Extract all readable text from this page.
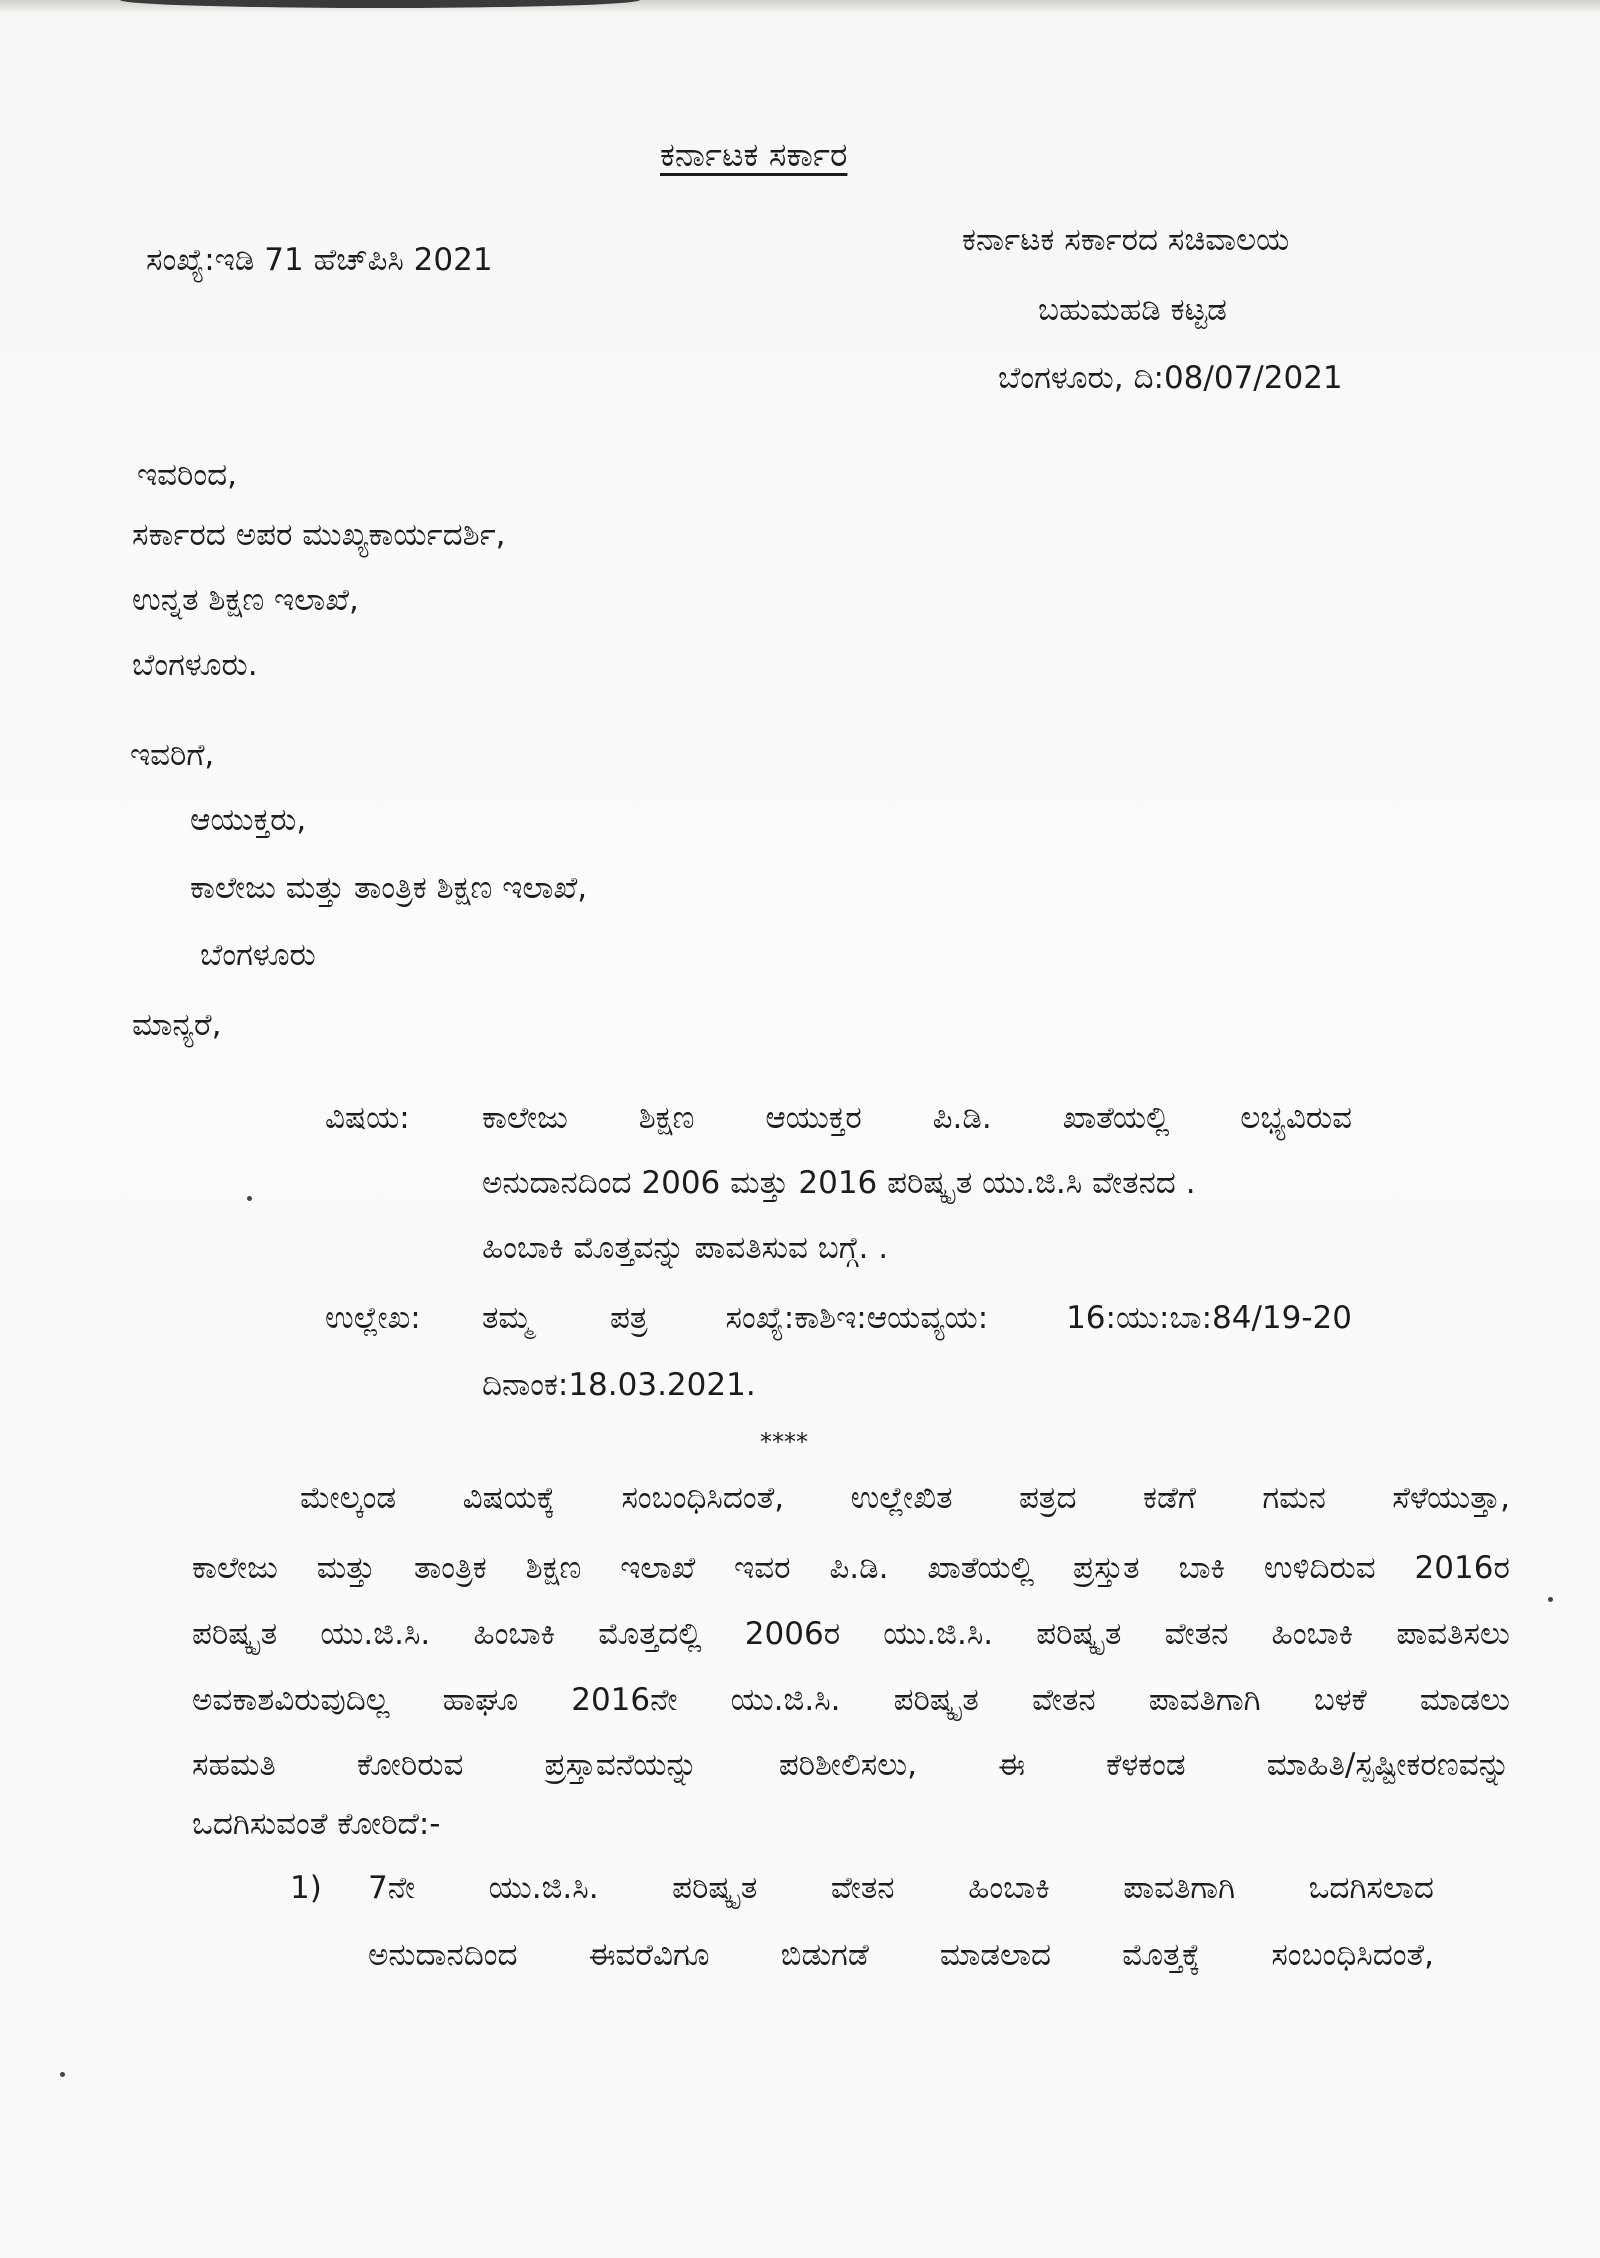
ಕರ್ನಾಟಕ ಸರ್ಕಾರ
ಸಂಖ್ಯೆ:ಇಡಿ 71 ಹೆಚ್‌ಪಿಸಿ 2021
ಕರ್ನಾಟಕ ಸರ್ಕಾರದ ಸಚಿವಾಲಯ
ಬಹುಮಹಡಿ ಕಟ್ಟಡ
ಬೆಂಗಳೂರು, ದಿ:08/07/2021
ಇವರಿಂದ,
ಸರ್ಕಾರದ ಅಪರ ಮುಖ್ಯಕಾರ್ಯದರ್ಶಿ,
ಉನ್ನತ ಶಿಕ್ಷಣ ಇಲಾಖೆ,
ಬೆಂಗಳೂರು.
ಇವರಿಗೆ,
ಆಯುಕ್ತರು,
ಕಾಲೇಜು ಮತ್ತು ತಾಂತ್ರಿಕ ಶಿಕ್ಷಣ ಇಲಾಖೆ,
ಬೆಂಗಳೂರು
ಮಾನ್ಯರೆ,
ವಿಷಯ: ಕಾಲೇಜು ಶಿಕ್ಷಣ ಆಯುಕ್ತರ ಪಿ.ಡಿ. ಖಾತೆಯಲ್ಲಿ ಲಭ್ಯವಿರುವ
ಅನುದಾನದಿಂದ 2006 ಮತ್ತು 2016 ಪರಿಷ್ಕೃತ ಯು.ಜಿ.ಸಿ ವೇತನದ .
ಹಿಂಬಾಕಿ ಮೊತ್ತವನ್ನು ಪಾವತಿಸುವ ಬಗ್ಗೆ. .
ಉಲ್ಲೇಖ: ತಮ್ಮ	ಪತ್ರ	ಸಂಖ್ಯೆ:ಕಾಶಿಇ:ಆಯವ್ಯಯ:	16:ಯು:ಬಾ:84/19-20
ದಿನಾಂಕ:18.03.2021.
****
ಮೇಲ್ಕಂಡ ವಿಷಯಕ್ಕೆ ಸಂಬಂಧಿಸಿದಂತೆ, ಉಲ್ಲೇಖಿತ ಪತ್ರದ ಕಡೆಗೆ ಗಮನ ಸೆಳೆಯುತ್ತಾ,
ಕಾಲೇಜು ಮತ್ತು ತಾಂತ್ರಿಕ ಶಿಕ್ಷಣ ಇಲಾಖೆ ಇವರ ಪಿ.ಡಿ. ಖಾತೆಯಲ್ಲಿ ಪ್ರಸ್ತುತ ಬಾಕಿ ಉಳಿದಿರುವ 2016ರ
ಪರಿಷ್ಕೃತ ಯು.ಜಿ.ಸಿ. ಹಿಂಬಾಕಿ ಮೊತ್ತದಲ್ಲಿ 2006ರ ಯು.ಜಿ.ಸಿ. ಪರಿಷ್ಕೃತ ವೇತನ ಹಿಂಬಾಕಿ ಪಾವತಿಸಲು
ಅವಕಾಶವಿರುವುದಿಲ್ಲ ಹಾಘೂ 2016ನೇ ಯು.ಜಿ.ಸಿ. ಪರಿಷ್ಕೃತ ವೇತನ ಪಾವತಿಗಾಗಿ ಬಳಕೆ ಮಾಡಲು
ಸಹಮತಿ	ಕೋರಿರುವ	ಪ್ರಸ್ತಾವನೆಯನ್ನು	ಪರಿಶೀಲಿಸಲು,	ಈ	ಕೆಳಕಂಡ	ಮಾಹಿತಿ/ಸ್ಪಷ್ಟೀಕರಣವನ್ನು
ಒದಗಿಸುವಂತೆ ಕೋರಿದೆ:-
1) 7ನೇ ಯು.ಜಿ.ಸಿ. ಪರಿಷ್ಕೃತ ವೇತನ ಹಿಂಬಾಕಿ ಪಾವತಿಗಾಗಿ ಒದಗಿಸಲಾದ
ಅನುದಾನದಿಂದ ಈವರೆವಿಗೂ ಬಿಡುಗಡೆ ಮಾಡಲಾದ ಮೊತ್ತಕ್ಕೆ ಸಂಬಂಧಿಸಿದಂತೆ,
